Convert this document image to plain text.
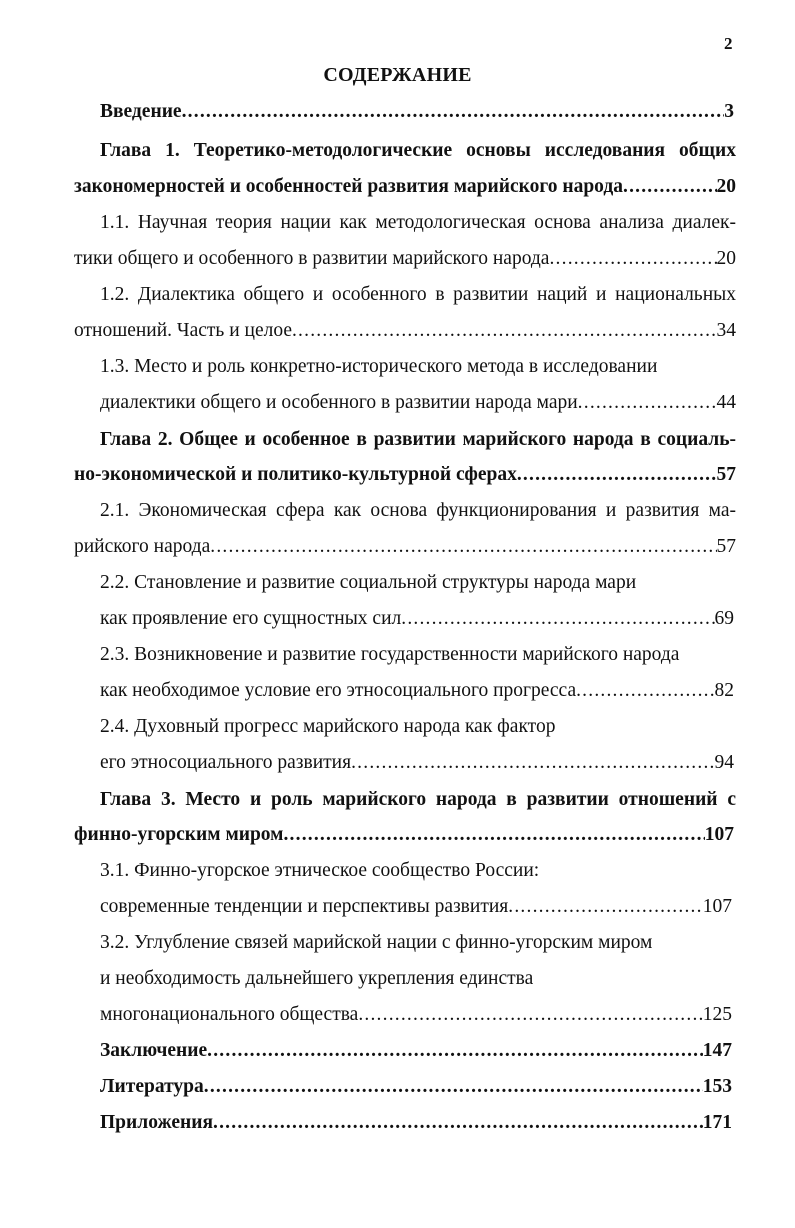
2
СОДЕРЖАНИЕ
Введение .....	3
Глава 1. Теоретико-методологические основы исследования общих
закономерностей и особенностей развития марийского народа .....	20
1.1. Научная теория нации как методологическая основа анализа диалек-
тики общего и особенного в развитии марийского народа .....	20
1.2. Диалектика общего и особенного в развитии наций и национальных
отношений. Часть и целое .....	34
1.3. Место и роль конкретно-исторического метода в исследовании
диалектики общего и особенного в развитии народа мари .....	44
Глава 2. Общее и особенное в развитии марийского народа в социаль-
но-экономической и политико-культурной сферах .....	57
2.1. Экономическая сфера как основа функционирования и развития ма-
рийского народа .....	57
2.2. Становление и развитие социальной структуры народа мари
как проявление его сущностных сил .....	69
2.3. Возникновение и развитие государственности марийского народа
как необходимое условие его этносоциального прогресса .....	82
2.4. Духовный прогресс марийского народа как фактор
его этносоциального развития .....	94
Глава 3. Место и роль марийского народа в развитии отношений с
финно-угорским миром .....	107
3.1. Финно-угорское этническое сообщество России:
современные тенденции и перспективы развития .....	107
3.2. Углубление связей марийской нации с финно-угорским миром
и необходимость дальнейшего укрепления единства
многонационального общества .....	125
Заключение .....	147
Литература .....	153
Приложения .....	171
